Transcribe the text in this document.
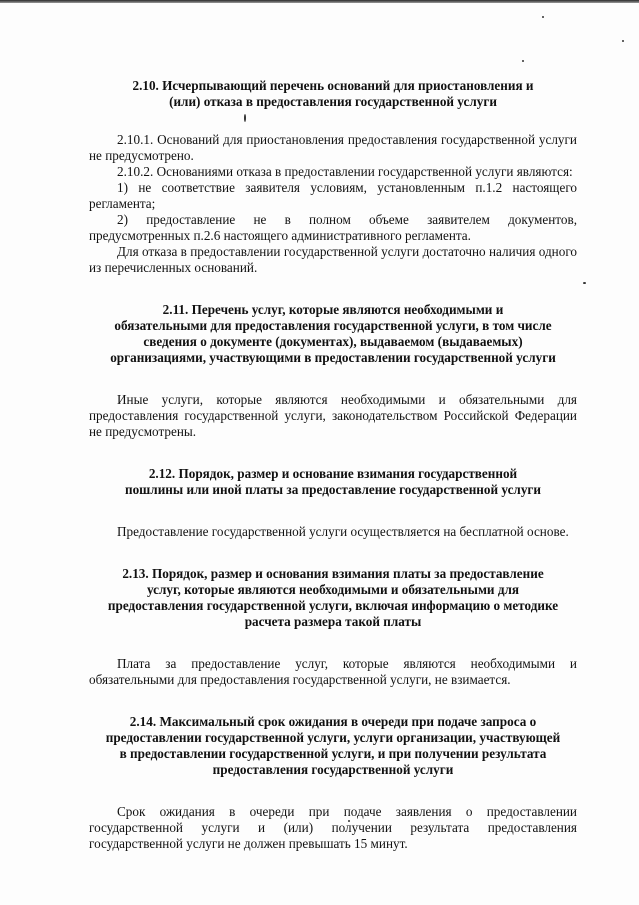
2.10. Исчерпывающий перечень оснований для приостановления и

(или) отказа в предоставления государственной услуги

2.10.1. Оснований для приостановления предоставления государственной услуги не предусмотрено.

2.10.2. Основаниями отказа в предоставлении государственной услуги являются:

1) не соответствие заявителя условиям, установленным п.1.2 настоящего регламента;

2) предоставление не в полном объеме заявителем документов, предусмотренных п.2.6 настоящего административного регламента.

Для отказа в предоставлении государственной услуги достаточно наличия одного из перечисленных оснований.

2.11. Перечень услуг, которые являются необходимыми и

обязательными для предоставления государственной услуги, в том числе

сведения о документе (документах), выдаваемом (выдаваемых)

организациями, участвующими в предоставлении государственной услуги

Иные услуги, которые являются необходимыми и обязательными для предоставления государственной услуги, законодательством Российской Федерации не предусмотрены.

2.12. Порядок, размер и основание взимания государственной

пошлины или иной платы за предоставление государственной услуги

Предоставление государственной услуги осуществляется на бесплатной основе.

2.13. Порядок, размер и основания взимания платы за предоставление

услуг, которые являются необходимыми и обязательными для

предоставления государственной услуги, включая информацию о методике

расчета размера такой платы

Плата за предоставление услуг, которые являются необходимыми и обязательными для предоставления государственной услуги, не взимается.

2.14. Максимальный срок ожидания в очереди при подаче запроса о

предоставлении государственной услуги, услуги организации, участвующей

в предоставлении государственной услуги, и при получении результата

предоставления государственной услуги

Срок ожидания в очереди при подаче заявления о предоставлении государственной услуги и (или) получении результата предоставления государственной услуги не должен превышать 15 минут.
